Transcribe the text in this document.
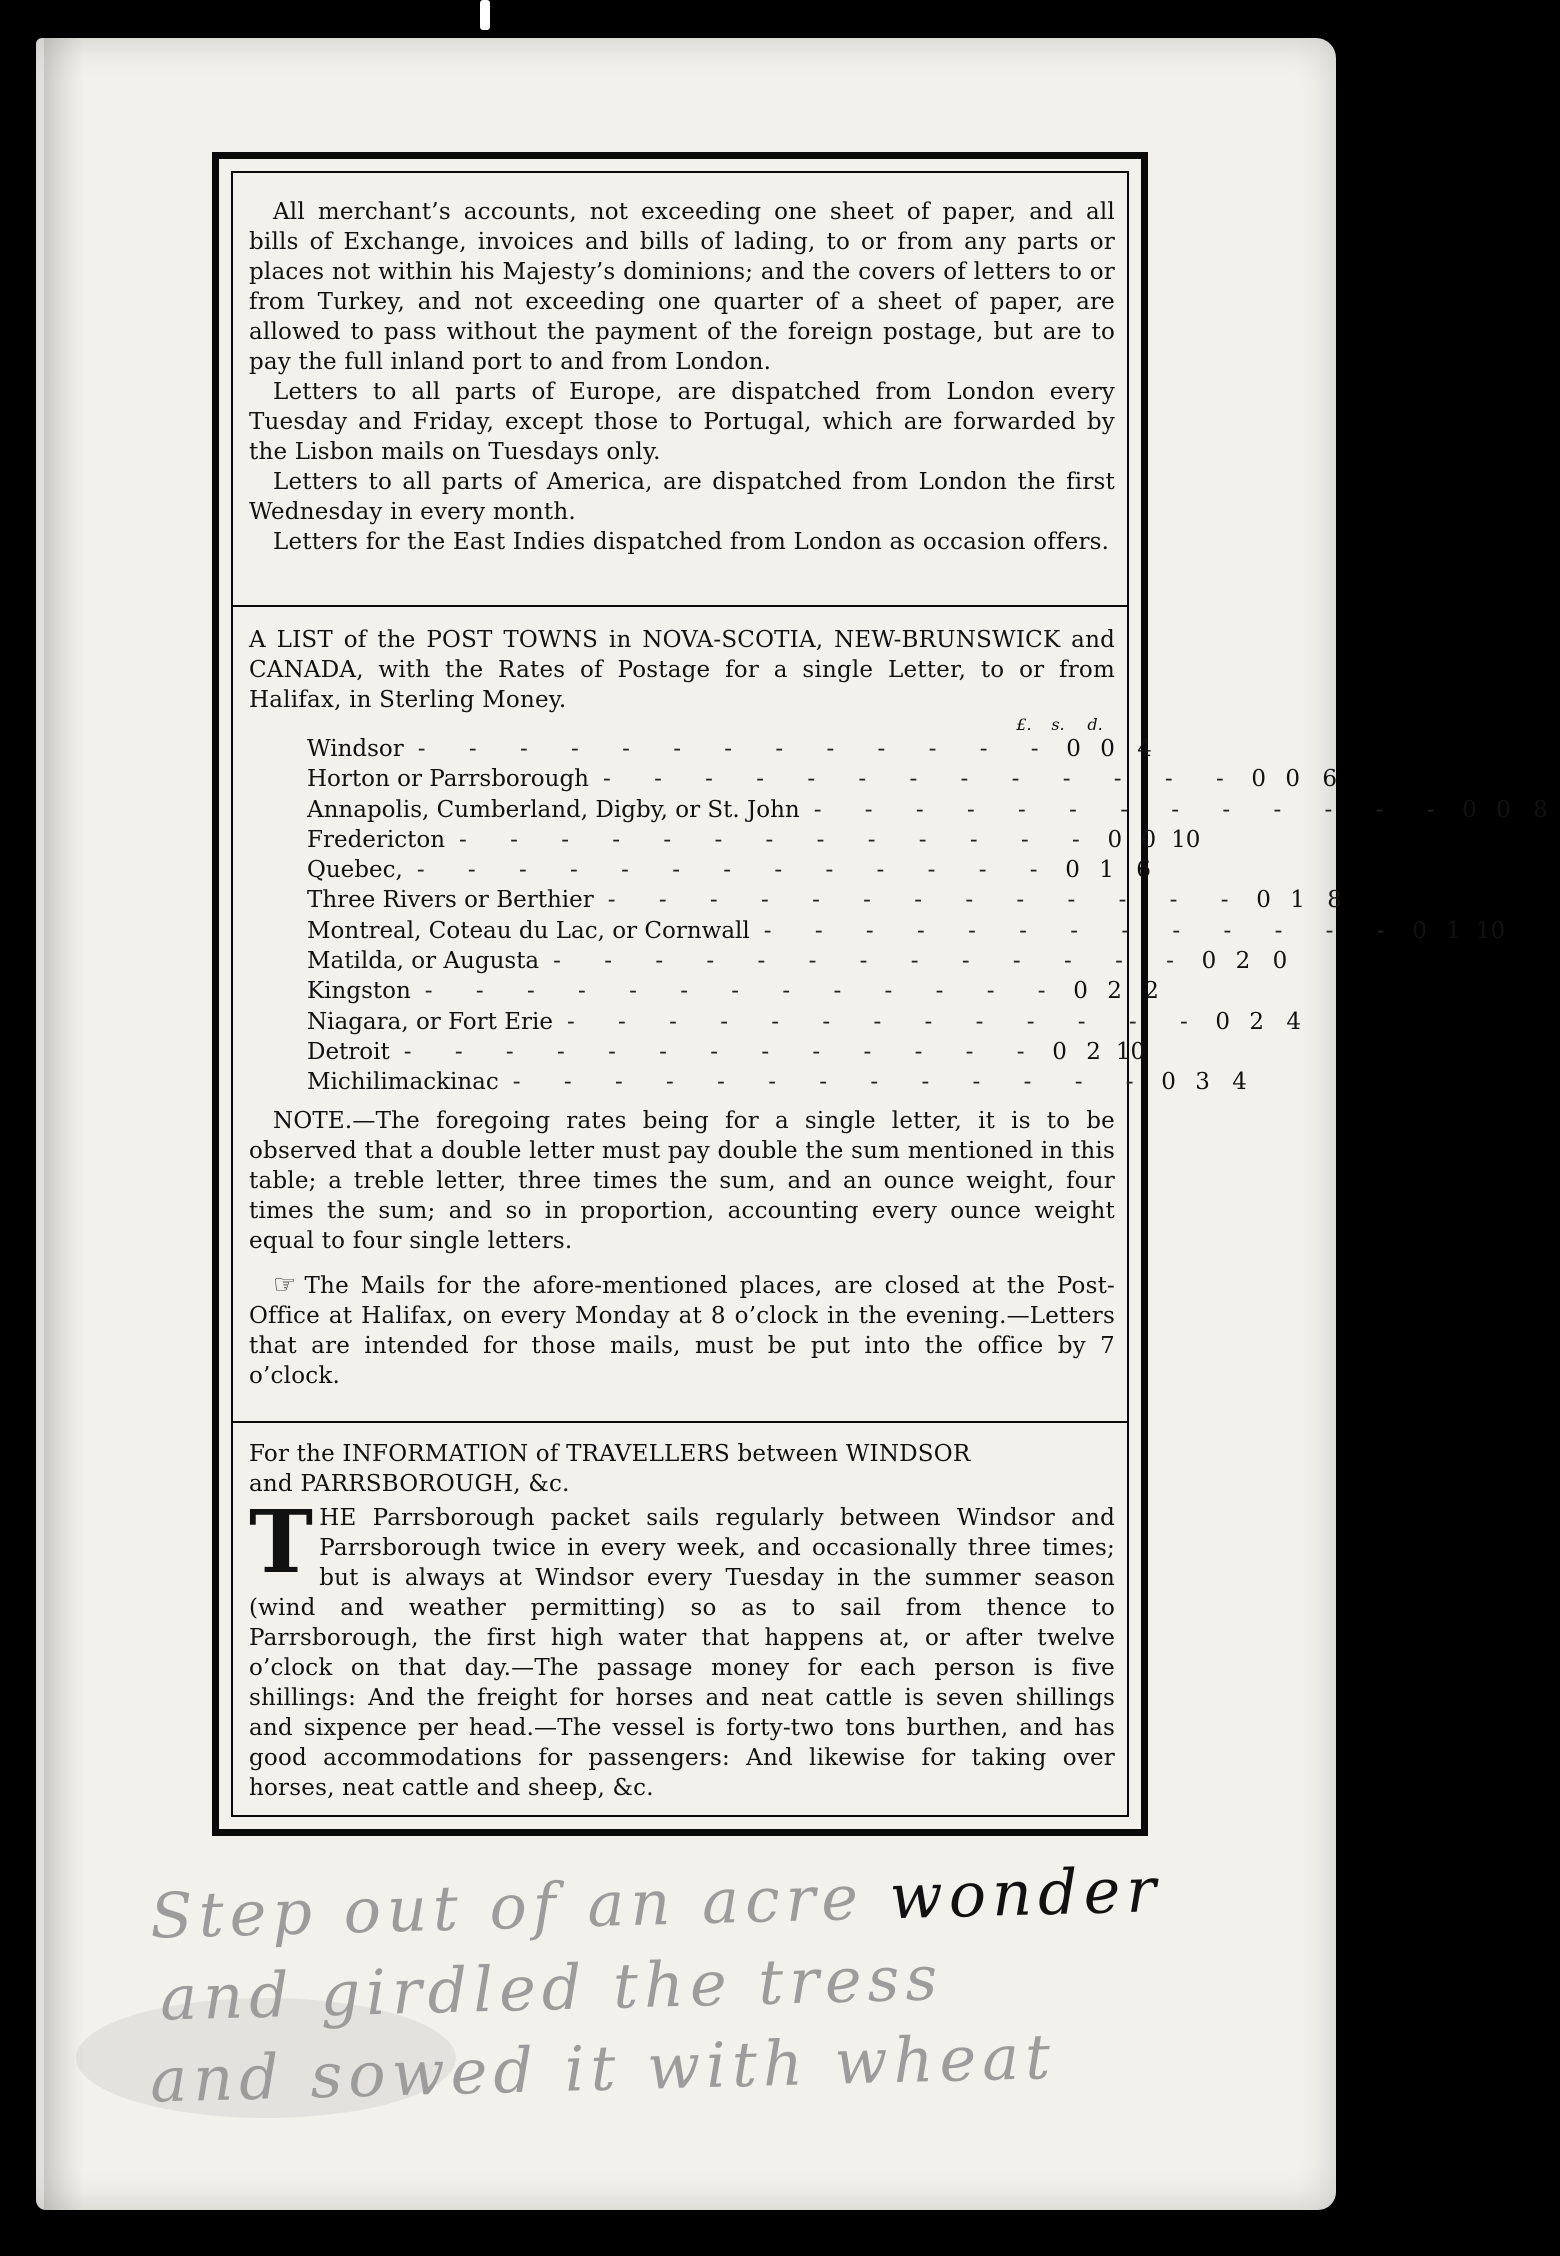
All merchant’s accounts, not exceeding one sheet of paper, and all bills of Exchange, invoices and bills of lading, to or from any parts or places not within his Majesty’s dominions; and the covers of letters to or from Turkey, and not exceeding one quarter of a sheet of paper, are allowed to pass without the payment of the foreign postage, but are to pay the full inland port to and from London.

Letters to all parts of Europe, are dispatched from London every Tuesday and Friday, except those to Portugal, which are forwarded by the Lisbon mails on Tuesdays only.

Letters to all parts of America, are dispatched from London the first Wednesday in every month.

Letters for the East Indies dispatched from London as occasion offers.

A LIST of the POST TOWNS in NOVA-SCOTIA, NEW-BRUNSWICK and CANADA, with the Rates of Postage for a single Letter, to or from Halifax, in Sterling Money.

£.	s.	d.
Windsor - - - - - - - - - - - - - 0 0 4
Horton or Parrsborough - - - - - - - - - - - - - 0 0 6
Annapolis, Cumberland, Digby, or St. John - - - - - - - - - - - - - 0 0 8
Fredericton - - - - - - - - - - - - - 0 0 10
Quebec, - - - - - - - - - - - - - 0 1 6
Three Rivers or Berthier - - - - - - - - - - - - - 0 1 8
Montreal, Coteau du Lac, or Cornwall - - - - - - - - - - - - - 0 1 10
Matilda, or Augusta - - - - - - - - - - - - - 0 2 0
Kingston - - - - - - - - - - - - - 0 2 2
Niagara, or Fort Erie - - - - - - - - - - - - - 0 2 4
Detroit - - - - - - - - - - - - - 0 2 10
Michilimackinac - - - - - - - - - - - - - 0 3 4

NOTE.—The foregoing rates being for a single letter, it is to be observed that a double letter must pay double the sum mentioned in this table; a treble letter, three times the sum, and an ounce weight, four times the sum; and so in proportion, accounting every ounce weight equal to four single letters.

☞ The Mails for the afore-mentioned places, are closed at the Post-Office at Halifax, on every Monday at 8 o’clock in the evening.—Letters that are intended for those mails, must be put into the office by 7 o’clock.

For the INFORMATION of TRAVELLERS between WINDSOR

and PARRSBOROUGH, &c.

THE Parrsborough packet sails regularly between Windsor and Parrsborough twice in every week, and occasionally three times; but is always at Windsor every Tuesday in the summer season (wind and weather permitting) so as to sail from thence to Parrsborough, the first high water that happens at, or after twelve o’clock on that day.—The passage money for each person is five shillings: And the freight for horses and neat cattle is seven shillings and sixpence per head.—The vessel is forty-two tons burthen, and has good accommodations for passengers: And likewise for taking over horses, neat cattle and sheep, &c.

Step out of an acre wonder
and girdled the tress
and sowed it with wheat
